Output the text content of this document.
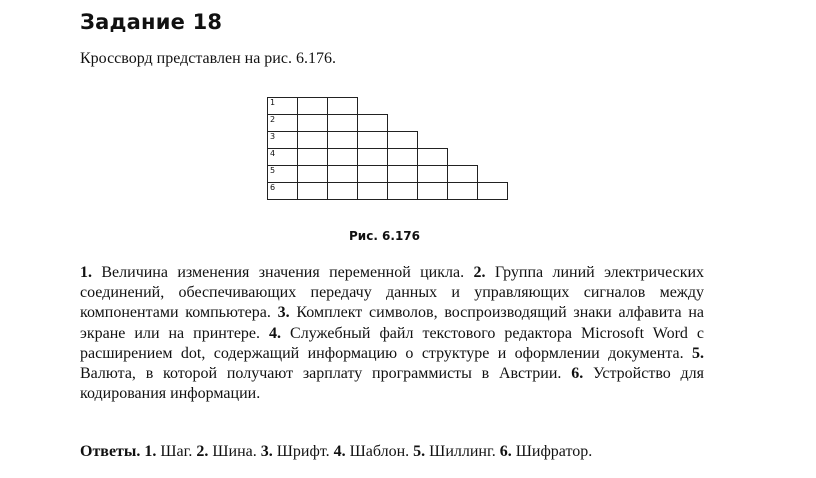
Задание 18

Кроссворд представлен на рис. 6.176.

1							

2							

3							

4							

5							

6							

Рис. 6.176

1. Величина изменения значения переменной цикла. 2. Группа линий электрических соединений, обеспечивающих передачу данных и управляющих сигналов между компонентами компьютера. 3. Комплект символов, воспроизводящий знаки алфавита на экране или на принтере. 4. Служебный файл текстового редактора Microsoft Word с расширением dot, содержащий информацию о структуре и оформлении документа. 5. Валюта, в которой получают зарплату программисты в Австрии. 6. Устройство для кодирования информации.

Ответы. 1. Шаг. 2. Шина. 3. Шрифт. 4. Шаблон. 5. Шиллинг. 6. Шифратор.
